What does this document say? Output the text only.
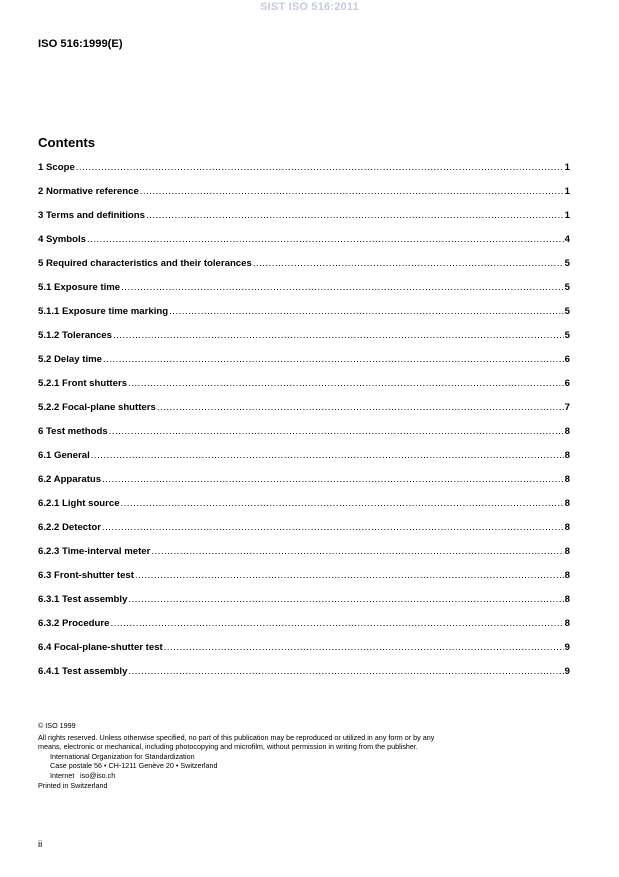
SIST ISO 516:2011
ISO 516:1999(E)
Contents
1 Scope .....	1
2 Normative reference .....	1
3 Terms and definitions .....	1
4 Symbols .....	4
5 Required characteristics and their tolerances .....	5
5.1 Exposure time .....	5
5.1.1 Exposure time marking .....	5
5.1.2 Tolerances .....	5
5.2 Delay time .....	6
5.2.1 Front shutters .....	6
5.2.2 Focal-plane shutters .....	7
6 Test methods .....	8
6.1 General .....	8
6.2 Apparatus .....	8
6.2.1 Light source .....	8
6.2.2 Detector .....	8
6.2.3 Time-interval meter .....	8
6.3 Front-shutter test .....	8
6.3.1 Test assembly .....	8
6.3.2 Procedure .....	8
6.4 Focal-plane-shutter test .....	9
6.4.1 Test assembly .....	9

© ISO 1999

All rights reserved. Unless otherwise specified, no part of this publication may be reproduced or utilized in any form or by any means, electronic or mechanical, including photocopying and microfilm, without permission in writing from the publisher.

International Organization for Standardization

Case postale 56 • CH-1211 Genève 20 • Switzerland

Internet iso@iso.ch

Printed in Switzerland

ii
